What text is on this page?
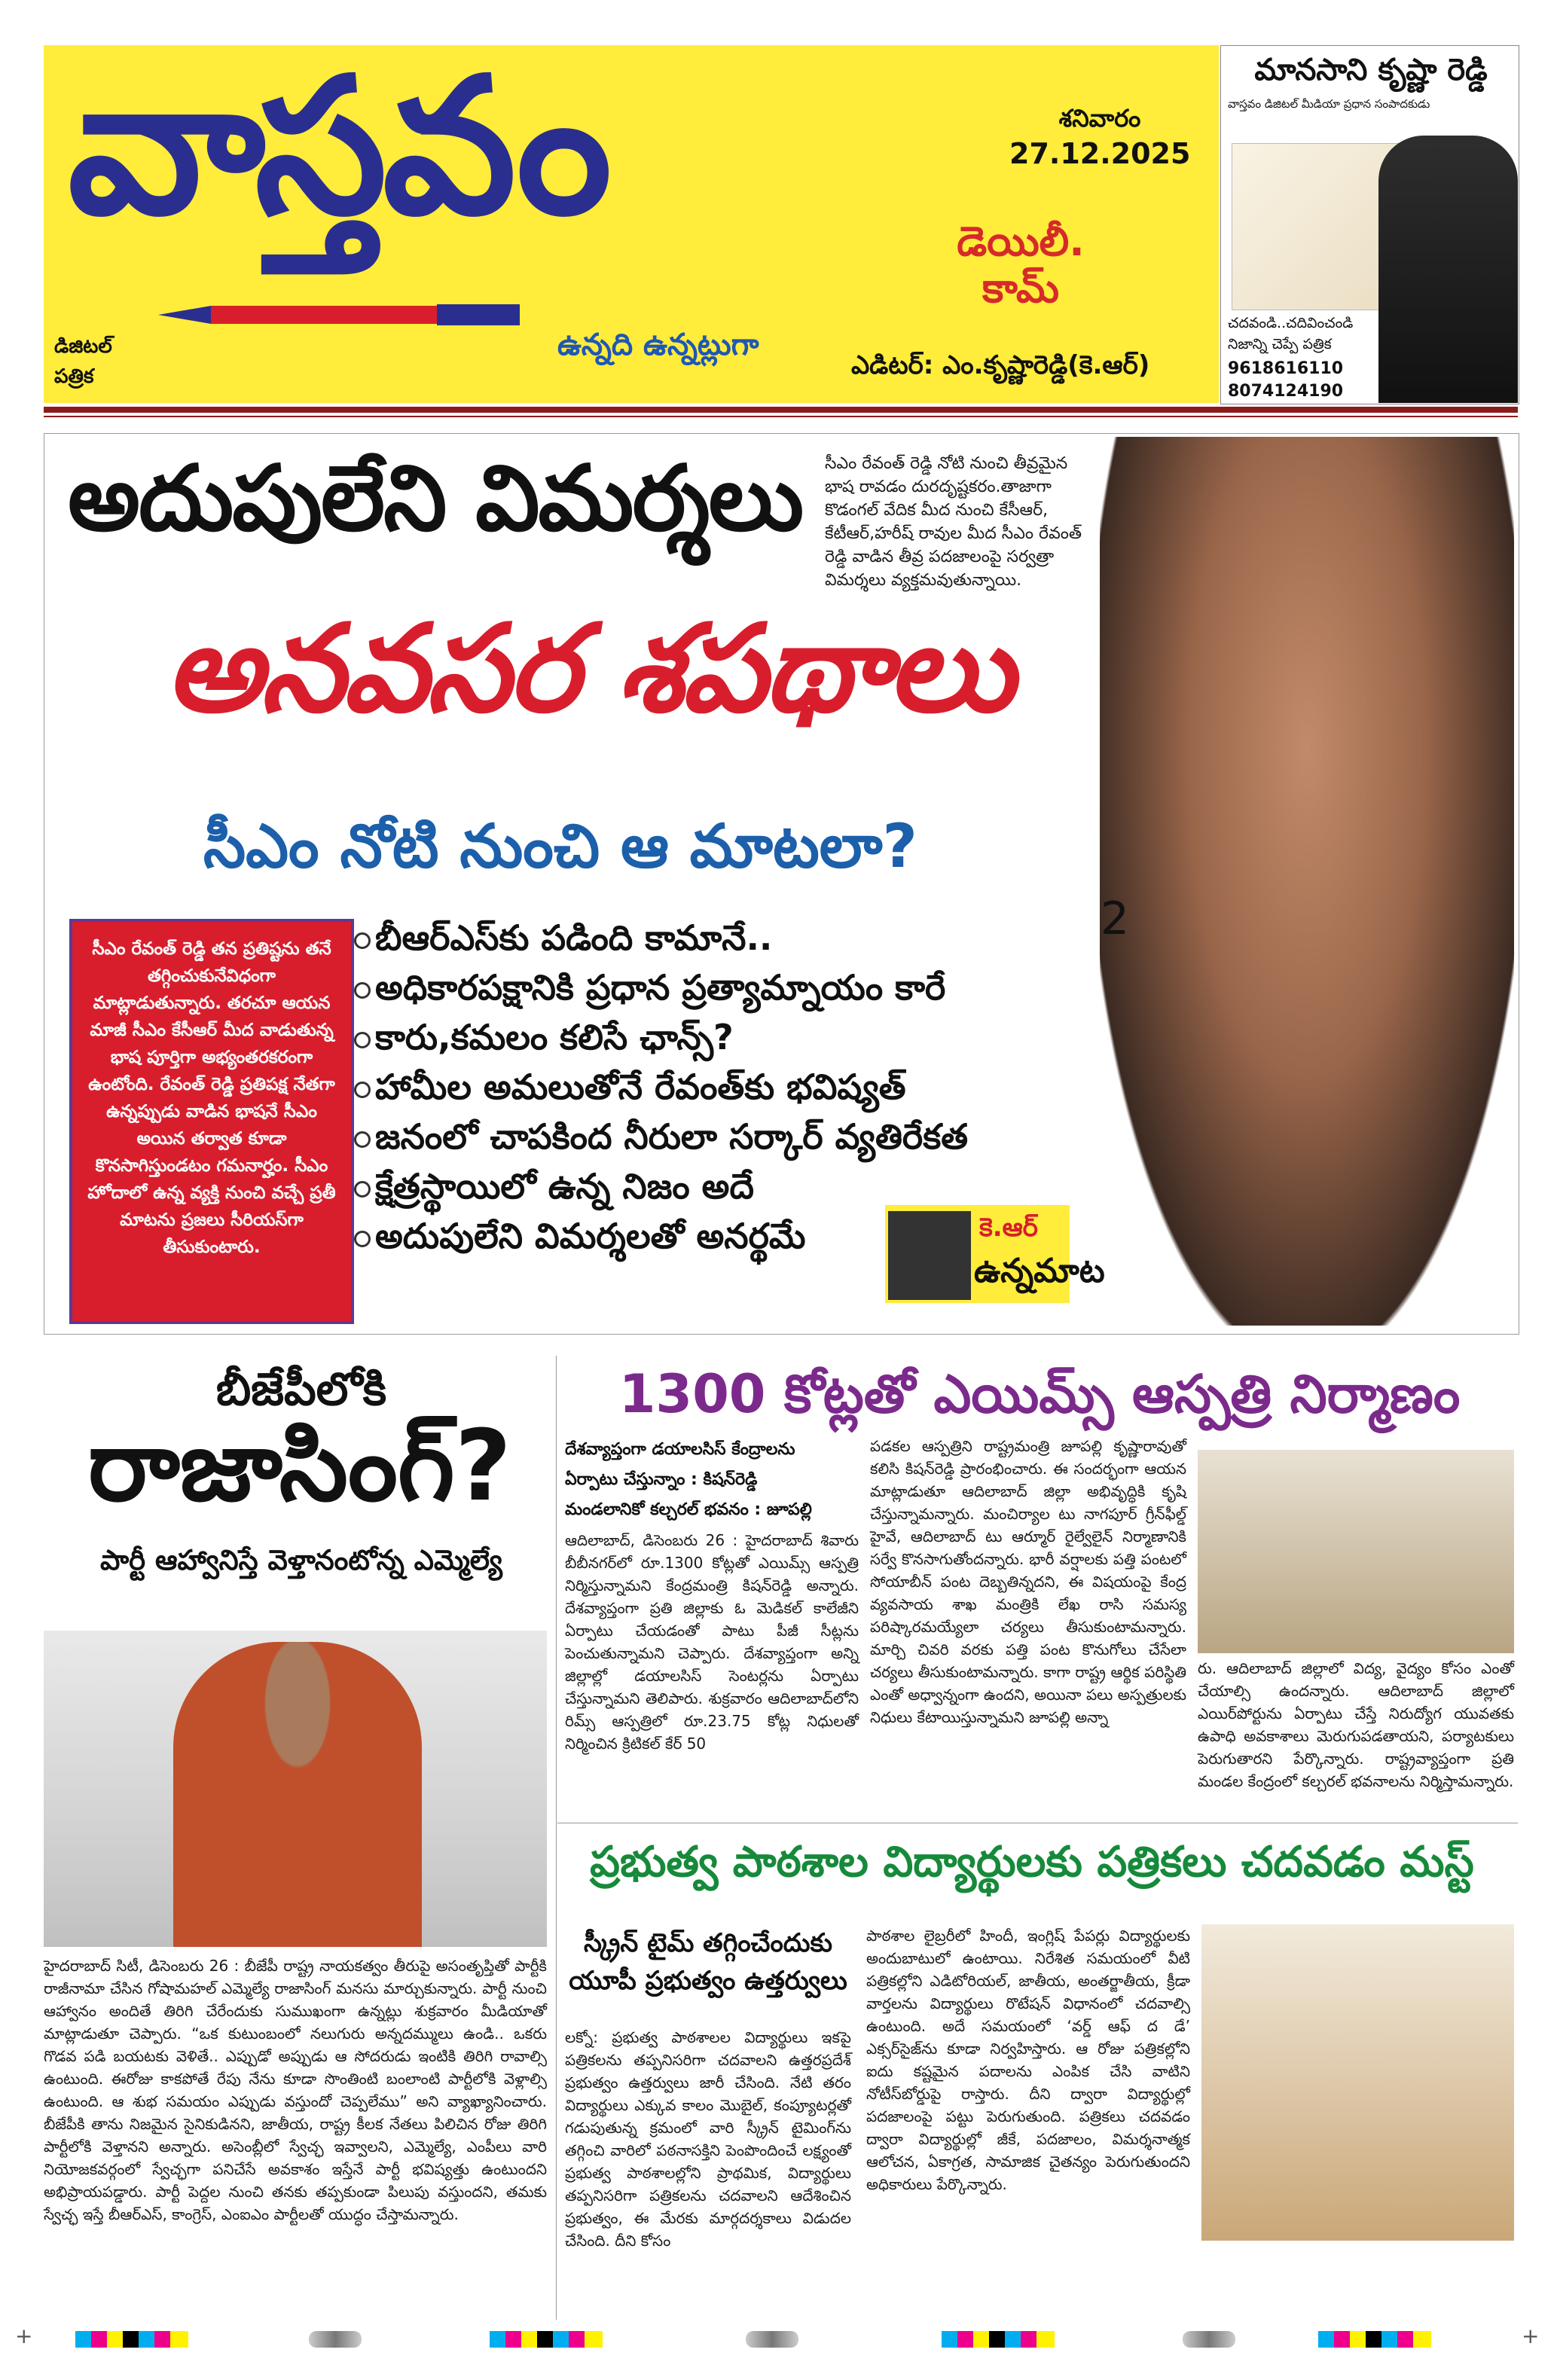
వాస్తవం
డిజిటల్ పత్రిక
శనివారం
27.12.2025
డెయిలీ. కామ్
ఉన్నది ఉన్నట్లుగా
ఎడిటర్: ఎం.కృష్ణారెడ్డి(కె.ఆర్)
మానసాని కృష్ణా రెడ్డి
వాస్తవం డిజిటల్ మీడియా ప్రధాన సంపాదకుడు
చదవండి..చదివించండి నిజాన్ని చెప్పే పత్రిక
9618616110
8074124190
అదుపులేని విమర్శలు
అనవసర శపథాలు
సీఎం నోటి నుంచి ఆ మాటలా?
సీఎం రేవంత్ రెడ్డి నోటి నుంచి తీవ్రమైన భాష రావడం దురదృష్టకరం.తాజాగా కొడంగల్ వేదిక మీద నుంచి కేసీఆర్, కేటీఆర్,హరీష్ రావుల మీద సీఎం రేవంత్ రెడ్డి వాడిన తీవ్ర పదజాలంపై సర్వత్రా విమర్శలు వ్యక్తమవుతున్నాయి.
2

సీఎం రేవంత్ రెడ్డి తన ప్రతిష్టను తనే తగ్గించుకునేవిధంగా మాట్లాడుతున్నారు. తరచూ ఆయన మాజీ సీఎం కేసీఆర్ మీద వాడుతున్న భాష పూర్తిగా అభ్యంతరకరంగా ఉంటోంది. రేవంత్ రెడ్డి ప్రతిపక్ష నేతగా ఉన్నప్పుడు వాడిన భాషనే సీఎం అయిన తర్వాత కూడా కొనసాగిస్తుండటం గమనార్హం. సీఎం హోదాలో ఉన్న వ్యక్తి నుంచి వచ్చే ప్రతీ మాటను ప్రజలు సీరియస్‌గా తీసుకుంటారు.

బీఆర్ఎస్‌కు పడింది కామానే..
అధికారపక్షానికి ప్రధాన ప్రత్యామ్నాయం కారే
కారు,కమలం కలిసే ఛాన్స్?
హామీల అమలుతోనే రేవంత్‌కు భవిష్యత్
జనంలో చాపకింద నీరులా సర్కార్ వ్యతిరేకత
క్షేత్రస్థాయిలో ఉన్న నిజం అదే
అదుపులేని విమర్శలతో అనర్థమే	కె.ఆర్
ఉన్నమాట
బీజేపీలోకి
రాజాసింగ్?
పార్టీ ఆహ్వానిస్తే వెళ్తానంటోన్న ఎమ్మెల్యే
హైదరాబాద్ సిటీ, డిసెంబరు 26 : బీజేపీ రాష్ట్ర నాయకత్వం తీరుపై అసంతృప్తితో పార్టీకి రాజీనామా చేసిన గోషామహల్ ఎమ్మెల్యే రాజాసింగ్ మనసు మార్చుకున్నారు. పార్టీ నుంచి ఆహ్వానం అందితే తిరిగి చేరేందుకు సుముఖంగా ఉన్నట్లు శుక్రవారం మీడియాతో మాట్లాడుతూ చెప్పారు. “ఒక కుటుంబంలో నలుగురు అన్నదమ్ములు ఉండి.. ఒకరు గొడవ పడి బయటకు వెళితే.. ఎప్పుడో అప్పుడు ఆ సోదరుడు ఇంటికి తిరిగి రావాల్సి ఉంటుంది. ఈరోజు కాకపోతే రేపు నేను కూడా సొంతింటి బంలాంటి పార్టీలోకి వెళ్లాల్సి ఉంటుంది. ఆ శుభ సమయం ఎప్పుడు వస్తుందో చెప్పలేము” అని వ్యాఖ్యానించారు. బీజేపీకి తాను నిజమైన సైనికుడినని, జాతీయ, రాష్ట్ర కీలక నేతలు పిలిచిన రోజు తిరిగి పార్టీలోకి వెళ్తానని అన్నారు. అసెంబ్లీలో స్వేచ్ఛ ఇవ్వాలని, ఎమ్మెల్యే, ఎంపీలు వారి నియోజకవర్గంలో స్వేచ్ఛగా పనిచేసే అవకాశం ఇస్తేనే పార్టీ భవిష్యత్తు ఉంటుందని అభిప్రాయపడ్డారు. పార్టీ పెద్దల నుంచి తనకు తప్పకుండా పిలుపు వస్తుందని, తమకు స్వేచ్ఛ ఇస్తే బీఆర్ఎస్, కాంగ్రెస్, ఎంఐఎం పార్టీలతో యుద్ధం చేస్తామన్నారు.
1300 కోట్లతో ఎయిమ్స్ ఆస్పత్రి నిర్మాణం
దేశవ్యాప్తంగా డయాలసిస్ కేంద్రాలను
ఏర్పాటు చేస్తున్నాం : కిషన్‌రెడ్డి
మండలానికో కల్చరల్ భవనం : జూపల్లి
ఆదిలాబాద్, డిసెంబరు 26 : హైదరాబాద్ శివారు బీబీనగర్‌లో రూ.1300 కోట్లతో ఎయిమ్స్ ఆస్పత్రి నిర్మిస్తున్నామని కేంద్రమంత్రి కిషన్‌రెడ్డి అన్నారు. దేశవ్యాప్తంగా ప్రతి జిల్లాకు ఓ మెడికల్ కాలేజీని ఏర్పాటు చేయడంతో పాటు పీజీ సీట్లను పెంచుతున్నామని చెప్పారు. దేశవ్యాప్తంగా అన్ని జిల్లాల్లో డయాలసిస్ సెంటర్లను ఏర్పాటు చేస్తున్నామని తెలిపారు. శుక్రవారం ఆదిలాబాద్‌లోని రిమ్స్ ఆస్పత్రిలో రూ.23.75 కోట్ల నిధులతో నిర్మించిన క్రిటికల్ కేర్ 50
పడకల ఆస్పత్రిని రాష్ట్రమంత్రి జూపల్లి కృష్ణారావుతో కలిసి కిషన్‌రెడ్డి ప్రారంభించారు. ఈ సందర్భంగా ఆయన మాట్లాడుతూ ఆదిలాబాద్ జిల్లా అభివృద్ధికి కృషి చేస్తున్నామన్నారు. మంచిర్యాల టు నాగపూర్ గ్రీన్‌ఫీల్డ్ హైవే, ఆదిలాబాద్ టు ఆర్మూర్ రైల్వేలైన్ నిర్మాణానికి సర్వే కొనసాగుతోందన్నారు. భారీ వర్షాలకు పత్తి పంటలో సోయాబీన్ పంట దెబ్బతిన్నదని, ఈ విషయంపై కేంద్ర వ్యవసాయ శాఖ మంత్రికి లేఖ రాసి సమస్య పరిష్కారమయ్యేలా చర్యలు తీసుకుంటామన్నారు. మార్చి చివరి వరకు పత్తి పంట కొనుగోలు చేసేలా చర్యలు తీసుకుంటామన్నారు. కాగా రాష్ట్ర ఆర్థిక పరిస్థితి ఎంతో అధ్వాన్నంగా ఉందని, అయినా పలు అస్పత్రులకు నిధులు కేటాయిస్తున్నామని జూపల్లి అన్నా
రు. ఆదిలాబాద్ జిల్లాలో విద్య, వైద్యం కోసం ఎంతో చేయాల్సి ఉందన్నారు. ఆదిలాబాద్ జిల్లాలో ఎయిర్‌పోర్టును ఏర్పాటు చేస్తే నిరుద్యోగ యువతకు ఉపాధి అవకాశాలు మెరుగుపడతాయని, పర్యాటకులు పెరుగుతారని పేర్కొన్నారు. రాష్ట్రవ్యాప్తంగా ప్రతి మండల కేంద్రంలో కల్చరల్ భవనాలను నిర్మిస్తామన్నారు.
ప్రభుత్వ పాఠశాల విద్యార్థులకు పత్రికలు చదవడం మస్ట్
స్క్రీన్ టైమ్ తగ్గించేందుకు
యూపీ ప్రభుత్వం ఉత్తర్వులు
లక్నో: ప్రభుత్వ పాఠశాలల విద్యార్థులు ఇకపై పత్రికలను తప్పనిసరిగా చదవాలని ఉత్తరప్రదేశ్ ప్రభుత్వం ఉత్తర్వులు జారీ చేసింది. నేటి తరం విద్యార్థులు ఎక్కువ కాలం మొబైల్, కంప్యూటర్లతో గడుపుతున్న క్రమంలో వారి స్క్రీన్ టైమింగ్‌ను తగ్గించి వారిలో పఠనాసక్తిని పెంపొందించే లక్ష్యంతో ప్రభుత్వ పాఠశాలల్లోని ప్రాథమిక, విద్యార్థులు తప్పనిసరిగా పత్రికలను చదవాలని ఆదేశించిన ప్రభుత్వం, ఈ మేరకు మార్గదర్శకాలు విడుదల చేసింది. దీని కోసం
పాఠశాల లైబ్రరీలో హిందీ, ఇంగ్లిష్ పేపర్లు విద్యార్థులకు అందుబాటులో ఉంటాయి. నిరేశిత సమయంలో వీటి పత్రికల్లోని ఎడిటోరియల్, జాతీయ, అంతర్జాతీయ, క్రీడా వార్తలను విద్యార్థులు రొటేషన్ విధానంలో చదవాల్సి ఉంటుంది. అదే సమయంలో ‘వర్డ్ ఆఫ్ ద డే’ ఎక్సర్‌సైజ్‌ను కూడా నిర్వహిస్తారు. ఆ రోజు పత్రికల్లోని ఐదు కష్టమైన పదాలను ఎంపిక చేసి వాటిని నోటీస్‌బోర్డుపై రాస్తారు. దీని ద్వారా విద్యార్థుల్లో పదజాలంపై పట్టు పెరుగుతుంది. పత్రికలు చదవడం ద్వారా విద్యార్థుల్లో జీకే, పదజాలం, విమర్శనాత్మక ఆలోచన, ఏకాగ్రత, సామాజిక చైతన్యం పెరుగుతుందని అధికారులు పేర్కొన్నారు.
+	+
